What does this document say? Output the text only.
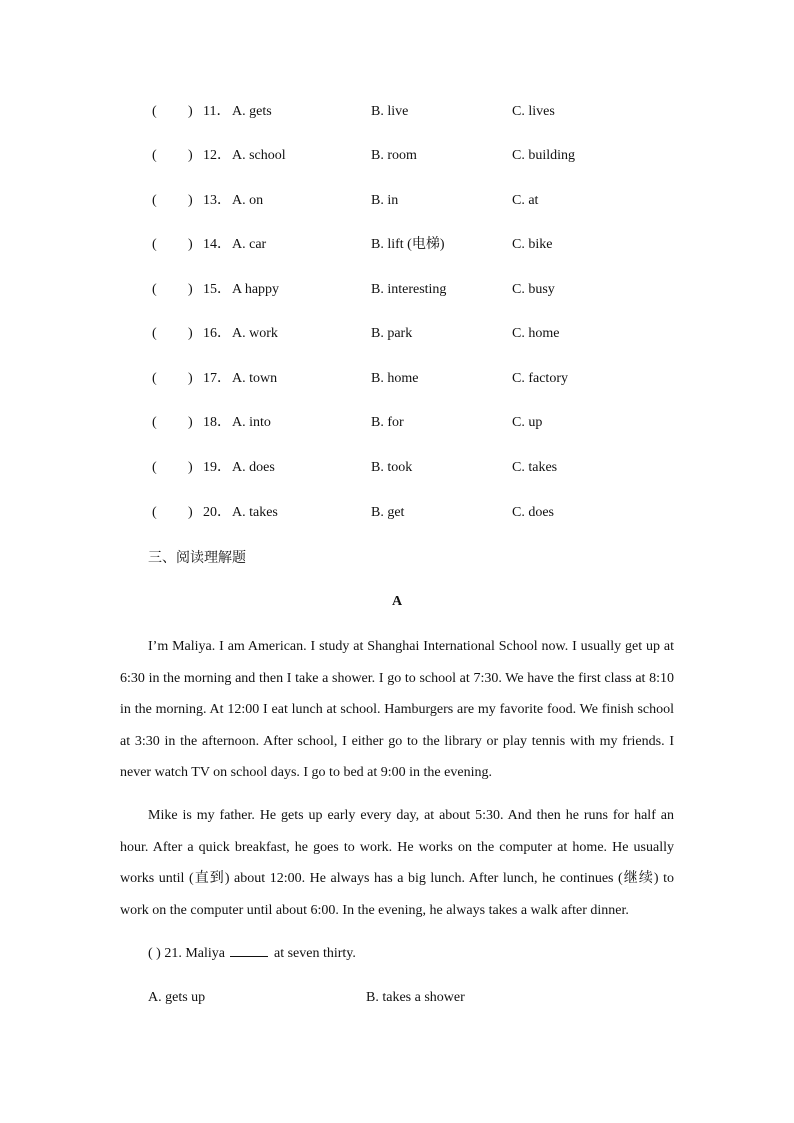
( ) 11． A. gets	B. live	C. lives
( ) 12． A. school	B. room	C. building
( ) 13． A. on	B. in	C. at
( ) 14． A. car	B. lift (电梯)	C. bike
( ) 15． A happy	B. interesting	C. busy
( ) 16． A. work	B. park	C. home
( ) 17． A. town	B. home	C. factory
( ) 18． A. into	B. for	C. up
( ) 19． A. does	B. took	C. takes
( ) 20． A. takes	B. get	C. does
三、阅读理解题
A

I’m Maliya. I am American. I study at Shanghai International School now. I usually get up at 6:30 in the morning and then I take a shower. I go to school at 7:30. We have the first class at 8:10 in the morning. At 12:00 I eat lunch at school. Hamburgers are my favorite food. We finish school at 3:30 in the afternoon. After school, I either go to the library or play tennis with my friends. I never watch TV on school days. I go to bed at 9:00 in the evening.

Mike is my father. He gets up early every day, at about 5:30. And then he runs for half an hour. After a quick breakfast, he goes to work. He works on the computer at home. He usually works until (直到) about 12:00. He always has a big lunch. After lunch, he continues (继续) to work on the computer until about 6:00. In the evening, he always takes a walk after dinner.

( ) 21. Maliya	at seven thirty.
A. gets up	B. takes a shower
